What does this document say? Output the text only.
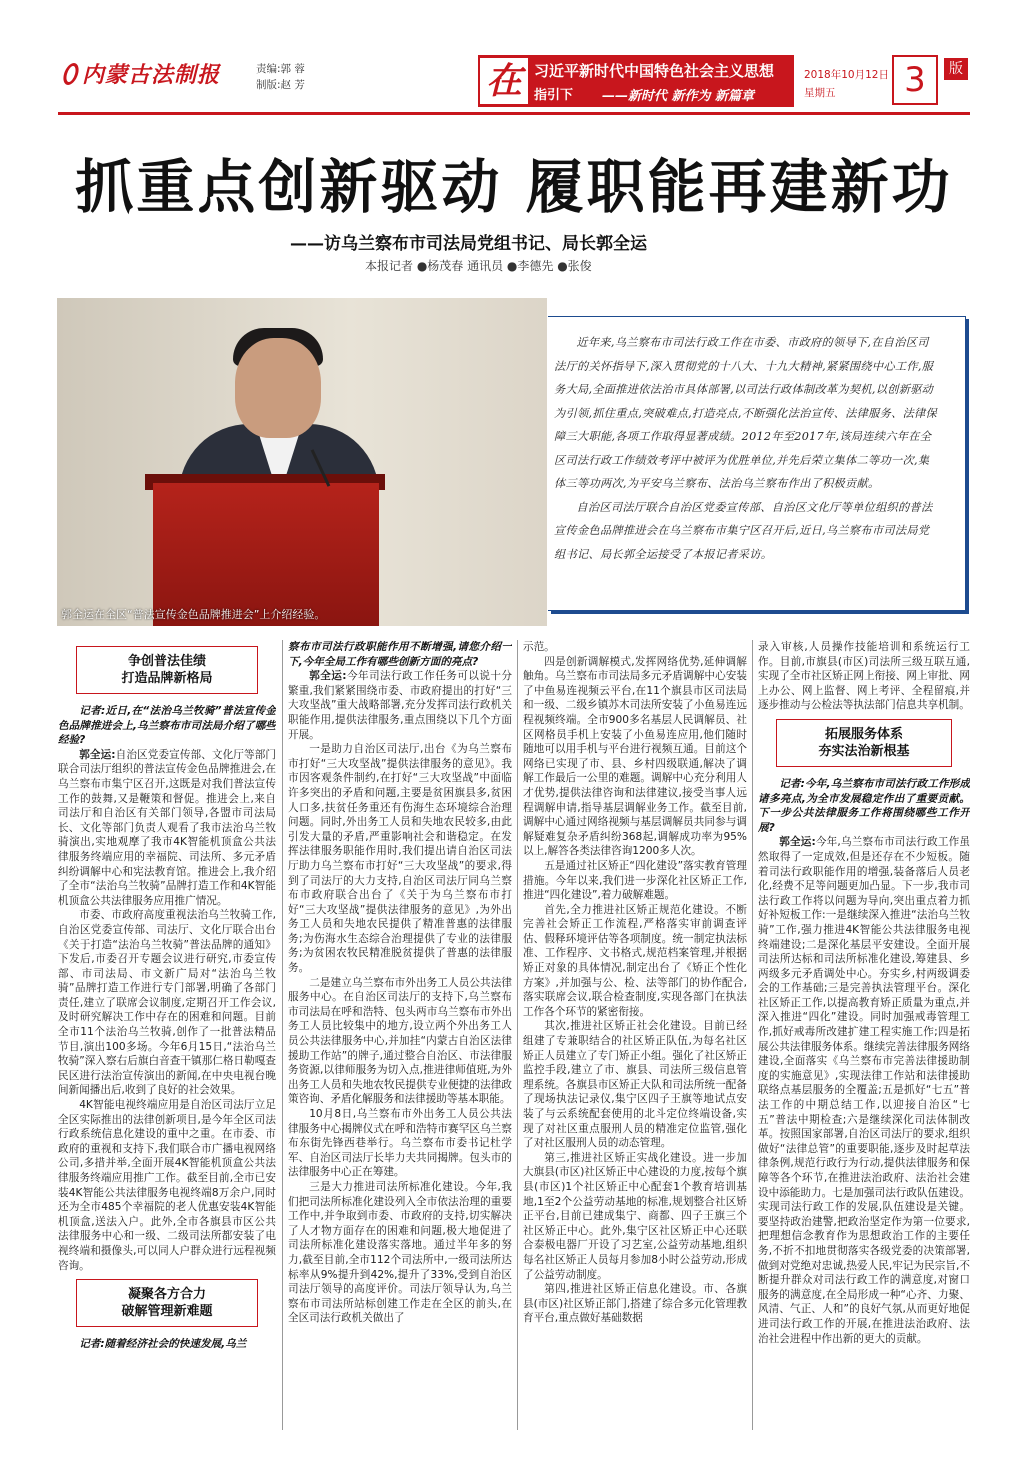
内蒙古法制报	责编:郭 蓉
制版:赵 芳	在 习近平新时代中国特色社会主义思想
指引下 ——新时代 新作为 新篇章
2018年10月12日
星期五	3	版
抓重点创新驱动 履职能再建新功
——访乌兰察布市司法局党组书记、局长郭全运
本报记者 ●杨茂春 通讯员 ●李德先 ●张俊
郭全运在全区“普法宣传金色品牌推进会”上介绍经验。

近年来,乌兰察布市司法行政工作在市委、市政府的领导下,在自治区司法厅的关怀指导下,深入贯彻党的十八大、十九大精神,紧紧围绕中心工作,服务大局,全面推进依法治市具体部署,以司法行政体制改革为契机,以创新驱动为引领,抓住重点,突破难点,打造亮点,不断强化法治宣传、法律服务、法律保障三大职能,各项工作取得显著成绩。2012年至2017年,该局连续六年在全区司法行政工作绩效考评中被评为优胜单位,并先后荣立集体二等功一次,集体三等功两次,为平安乌兰察布、法治乌兰察布作出了积极贡献。

自治区司法厅联合自治区党委宣传部、自治区文化厅等单位组织的普法宣传金色品牌推进会在乌兰察布市集宁区召开后,近日,乌兰察布市司法局党组书记、局长郭全运接受了本报记者采访。

争创普法佳绩
打造品牌新格局

记者:近日,在“法治乌兰牧骑”普法宣传金色品牌推进会上,乌兰察布市司法局介绍了哪些经验?

郭全运:自治区党委宣传部、文化厅等部门联合司法厅组织的普法宣传金色品牌推进会,在乌兰察布市集宁区召开,这既是对我们普法宣传工作的鼓舞,又是鞭策和督促。推进会上,来自司法厅和自治区有关部门领导,各盟市司法局长、文化等部门负责人观看了我市法治乌兰牧骑演出,实地观摩了我市4K智能机顶盒公共法律服务终端应用的幸福院、司法所、多元矛盾纠纷调解中心和宪法教育馆。推进会上,我介绍了全市“法治乌兰牧骑”品牌打造工作和4K智能机顶盒公共法律服务应用推广情况。

市委、市政府高度重视法治乌兰牧骑工作,自治区党委宣传部、司法厅、文化厅联合出台《关于打造“法治乌兰牧骑”普法品牌的通知》下发后,市委召开专题会议进行研究,市委宣传部、市司法局、市文新广局对“法治乌兰牧骑”品牌打造工作进行专门部署,明确了各部门责任,建立了联席会议制度,定期召开工作会议,及时研究解决工作中存在的困难和问题。目前全市11个法治乌兰牧骑,创作了一批普法精品节目,演出100多场。今年6月15日,“法治乌兰牧骑”深入察右后旗白音查干镇那仁格日勒嘎查民区进行法治宣传演出的新闻,在中央电视台晚间新闻播出后,收到了良好的社会效果。

4K智能电视终端应用是自治区司法厅立足全区实际推出的法律创新项目,是今年全区司法行政系统信息化建设的重中之重。在市委、市政府的重视和支持下,我们联合市广播电视网络公司,多措并举,全面开展4K智能机顶盒公共法律服务终端应用推广工作。截至目前,全市已安装4K智能公共法律服务电视终端8万余户,同时还为全市485个幸福院的老人优惠安装4K智能机顶盒,送法入户。此外,全市各旗县市区公共法律服务中心和一级、二级司法所都安装了电视终端和摄像头,可以同人户群众进行远程视频咨询。

凝聚各方合力
破解管理新难题

记者:随着经济社会的快速发展,乌兰

察布市司法行政职能作用不断增强,请您介绍一下,今年全局工作有哪些创新方面的亮点?

郭全运:今年司法行政工作任务可以说十分繁重,我们紧紧围绕市委、市政府提出的打好“三大攻坚战”重大战略部署,充分发挥司法行政机关职能作用,提供法律服务,重点围绕以下几个方面开展。

一是助力自治区司法厅,出台《为乌兰察布市打好“三大攻坚战”提供法律服务的意见》。我市因客观条件制约,在打好“三大攻坚战”中面临许多突出的矛盾和问题,主要是贫困旗县多,贫困人口多,扶贫任务重还有伤海生态环境综合治理问题。同时,外出务工人员和失地农民较多,由此引发大量的矛盾,严重影响社会和谐稳定。在发挥法律服务职能作用时,我们提出请自治区司法厅助力乌兰察布市打好“三大攻坚战”的要求,得到了司法厅的大力支持,自治区司法厅同乌兰察布市政府联合出台了《关于为乌兰察布市打好“三大攻坚战”提供法律服务的意见》,为外出务工人员和失地农民提供了精准普惠的法律服务;为伤海水生态综合治理提供了专业的法律服务;为贫困农牧民精准脱贫提供了普惠的法律服务。

二是建立乌兰察布市外出务工人员公共法律服务中心。在自治区司法厅的支持下,乌兰察布市司法局在呼和浩特、包头两市乌兰察布市外出务工人员比较集中的地方,设立两个外出务工人员公共法律服务中心,并加挂“内蒙古自治区法律援助工作站”的牌子,通过整合自治区、市法律服务资源,以律师服务为切入点,推进律师值班,为外出务工人员和失地农牧民提供专业便捷的法律政策咨询、矛盾化解服务和法律援助等基本职能。

10月8日,乌兰察布市外出务工人员公共法律服务中心揭牌仪式在呼和浩特市赛罕区乌兰察布东街先锋西巷举行。乌兰察布市委书记杜学军、自治区司法厅长毕力夫共同揭牌。包头市的法律服务中心正在筹建。

三是大力推进司法所标准化建设。今年,我们把司法所标准化建设列入全市依法治理的重要工作中,并争取到市委、市政府的支持,切实解决了人才物方面存在的困难和问题,极大地促进了司法所标准化建设落实落地。通过半年多的努力,截至目前,全市112个司法所中,一级司法所达标率从9%提升到42%,提升了33%,受到自治区司法厅领导的高度评价。司法厅领导认为,乌兰察布市司法所站标创建工作走在全区的前头,在全区司法行政机关做出了

示范。

四是创新调解模式,发挥网络优势,延伸调解触角。乌兰察布市司法局多元矛盾调解中心安装了中鱼易连视频云平台,在11个旗县市区司法局和一级、二级乡镇苏木司法所安装了小鱼易连远程视频终端。全市900多名基层人民调解员、社区网格员手机上安装了小鱼易连应用,他们随时随地可以用手机与平台进行视频互通。目前这个网络已实现了市、县、乡村四级联通,解决了调解工作最后一公里的难题。调解中心充分利用人才优势,提供法律咨询和法律建议,接受当事人远程调解申请,指导基层调解业务工作。截至目前,调解中心通过网络视频与基层调解员共同参与调解疑难复杂矛盾纠纷368起,调解成功率为95%以上,解答各类法律咨询1200多人次。

五是通过社区矫正“四化建设”落实教育管理措施。今年以来,我们进一步深化社区矫正工作,推进“四化建设”,着力破解难题。

首先,全力推进社区矫正规范化建设。不断完善社会矫正工作流程,严格落实审前调查评估、假释环境评估等各项制度。统一制定执法标准、工作程序、文书格式,规范档案管理,并根据矫正对象的具体情况,制定出台了《矫正个性化方案》,并加强与公、检、法等部门的协作配合,落实联席会议,联合检查制度,实现各部门在执法工作各个环节的紧密衔接。

其次,推进社区矫正社会化建设。目前已经组建了专兼职结合的社区矫正队伍,为每名社区矫正人员建立了专门矫正小组。强化了社区矫正监控手段,建立了市、旗县、司法所三级信息管理系统。各旗县市区矫正大队和司法所统一配备了现场执法记录仪,集宁区四子王旗等地试点安装了与云系统配套使用的北斗定位终端设备,实现了对社区重点服刑人员的精准定位监管,强化了对社区服刑人员的动态管理。

第三,推进社区矫正实战化建设。进一步加大旗县(市区)社区矫正中心建设的力度,按每个旗县(市区)1个社区矫正中心配套1个教育培训基地,1至2个公益劳动基地的标准,规划整合社区矫正平台,目前已建成集宁、商都、四子王旗三个社区矫正中心。此外,集宁区社区矫正中心还联合泰极电器厂开设了习艺室,公益劳动基地,组织每名社区矫正人员每月参加8小时公益劳动,形成了公益劳动制度。

第四,推进社区矫正信息化建设。市、各旗县(市区)社区矫正部门,搭建了综合多元化管理教育平台,重点做好基础数据

录入审核,人员操作技能培训和系统运行工作。目前,市旗县(市区)司法所三级互联互通,实现了全市社区矫正网上衔接、网上审批、网上办公、网上监督、网上考评、全程留痕,并逐步推动与公检法等执法部门信息共享机制。

拓展服务体系
夯实法治新根基

记者:今年,乌兰察布市司法行政工作形成诸多亮点,为全市发展稳定作出了重要贡献。下一步公共法律服务工作将围绕哪些工作开展?

郭全运:今年,乌兰察布市司法行政工作虽然取得了一定成效,但是还存在不少短板。随着司法行政职能作用的增强,装备落后人员老化,经费不足等问题更加凸显。下一步,我市司法行政工作将以问题为导向,突出重点着力抓好补短板工作:一是继续深入推进“法治乌兰牧骑”工作,强力推进4K智能公共法律服务电视终端建设;二是深化基层平安建设。全面开展司法所达标和司法所标准化建设,筹建县、乡两级多元矛盾调处中心。夯实乡,村两级调委会的工作基础;三是完善执法管理平台。深化社区矫正工作,以提高教育矫正质量为重点,并深入推进“四化”建设。同时加强戒毒管理工作,抓好戒毒所改建扩建工程实施工作;四是拓展公共法律服务体系。继续完善法律服务网络建设,全面落实《乌兰察布市完善法律援助制度的实施意见》,实现法律工作站和法律援助联络点基层服务的全覆盖;五是抓好“七五”普法工作的中期总结工作,以迎接自治区“七五”普法中期检查;六是继续深化司法体制改革。按照国家部署,自治区司法厅的要求,组织做好“法律总管”的重要职能,逐步及时起草法律条例,规范行政行为行动,提供法律服务和保障等各个环节,在推进法治政府、法治社会建设中添能助力。七是加强司法行政队伍建设。实现司法行政工作的发展,队伍建设是关键。要坚持政治建警,把政治坚定作为第一位要求,把理想信念教育作为思想政治工作的主要任务,不折不扣地贯彻落实各级党委的决策部署,做到对党绝对忠诚,热爱人民,牢记为民宗旨,不断提升群众对司法行政工作的满意度,对窗口服务的满意度,在全局形成一种“心齐、力聚、风清、气正、人和”的良好气氛,从而更好地促进司法行政工作的开展,在推进法治政府、法治社会进程中作出新的更大的贡献。
